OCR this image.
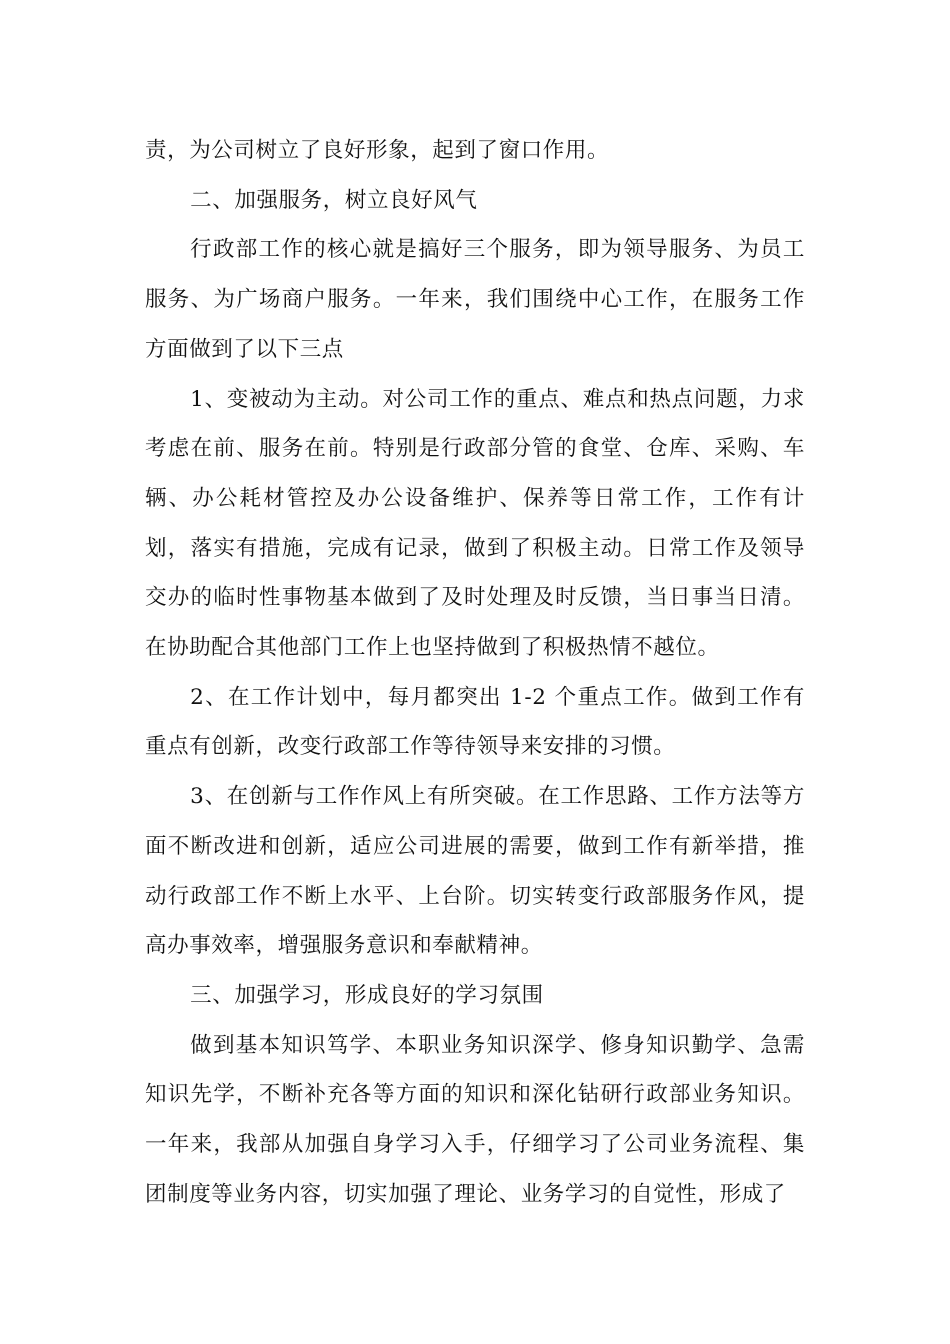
责，为公司树立了良好形象，起到了窗口作用。

二、加强服务，树立良好风气

行政部工作的核心就是搞好三个服务，即为领导服务、为员工服务、为广场商户服务。一年来，我们围绕中心工作，在服务工作方面做到了以下三点

1、变被动为主动。对公司工作的重点、难点和热点问题，力求考虑在前、服务在前。特别是行政部分管的食堂、仓库、采购、车辆、办公耗材管控及办公设备维护、保养等日常工作，工作有计划，落实有措施，完成有记录，做到了积极主动。日常工作及领导交办的临时性事物基本做到了及时处理及时反馈，当日事当日清。在协助配合其他部门工作上也坚持做到了积极热情不越位。

2、在工作计划中，每月都突出 1-2 个重点工作。做到工作有重点有创新，改变行政部工作等待领导来安排的习惯。

3、在创新与工作作风上有所突破。在工作思路、工作方法等方面不断改进和创新，适应公司进展的需要，做到工作有新举措，推动行政部工作不断上水平、上台阶。切实转变行政部服务作风，提高办事效率，增强服务意识和奉献精神。

三、加强学习，形成良好的学习氛围

做到基本知识笃学、本职业务知识深学、修身知识勤学、急需知识先学，不断补充各等方面的知识和深化钻研行政部业务知识。一年来，我部从加强自身学习入手，仔细学习了公司业务流程、集团制度等业务内容，切实加强了理论、业务学习的自觉性，形成了
